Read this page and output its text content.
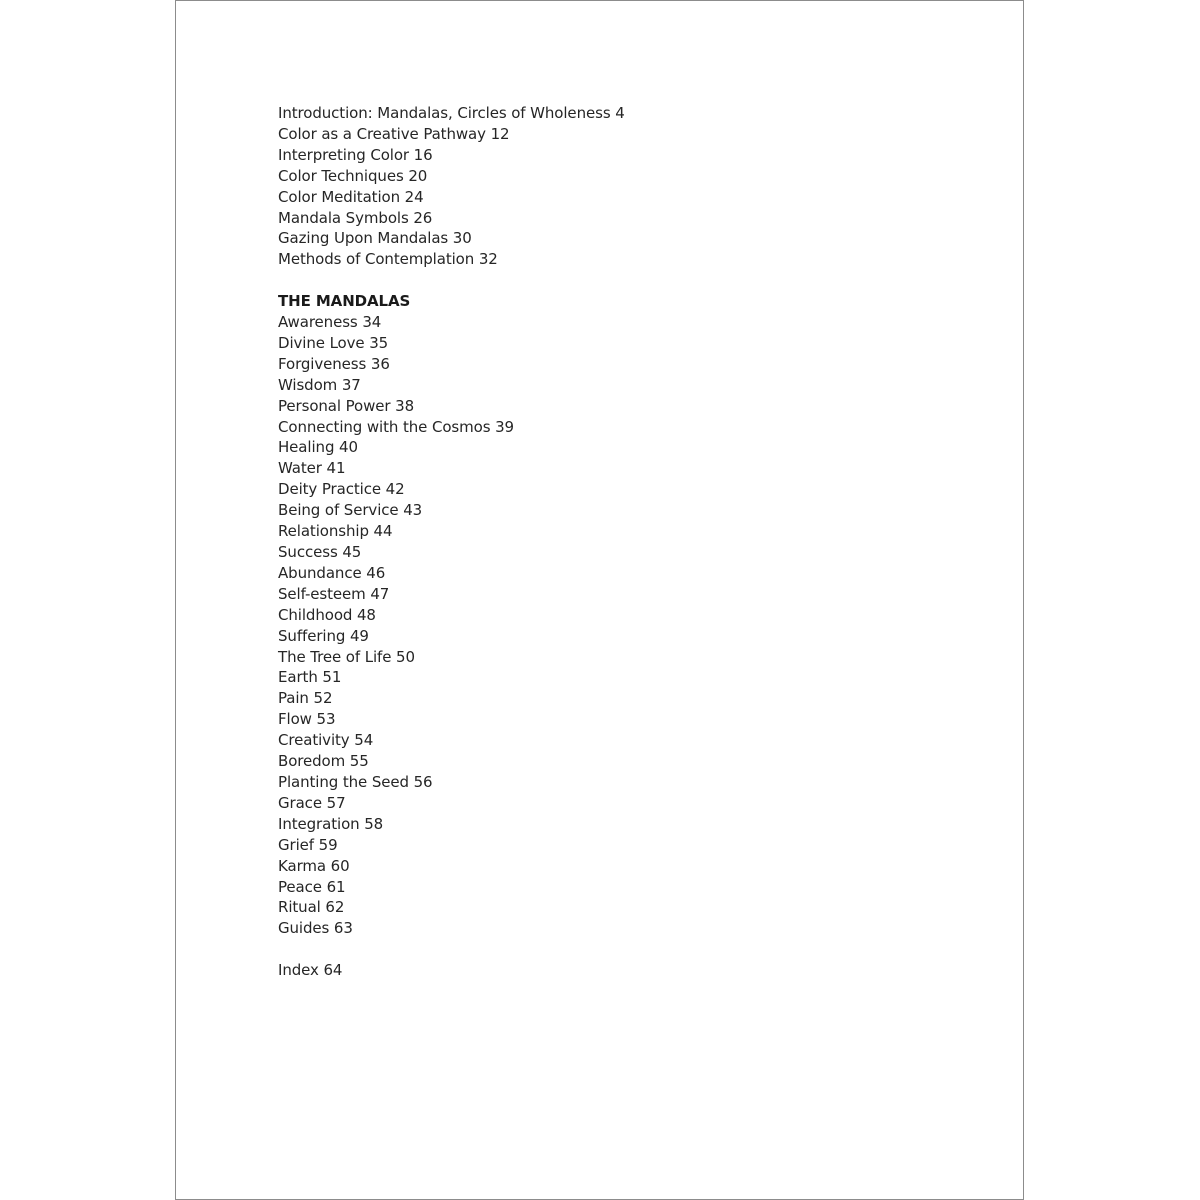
Introduction: Mandalas, Circles of Wholeness 4
Color as a Creative Pathway 12
Interpreting Color 16
Color Techniques 20
Color Meditation 24
Mandala Symbols 26
Gazing Upon Mandalas 30
Methods of Contemplation 32
THE MANDALAS
Awareness 34
Divine Love 35
Forgiveness 36
Wisdom 37
Personal Power 38
Connecting with the Cosmos 39
Healing 40
Water 41
Deity Practice 42
Being of Service 43
Relationship 44
Success 45
Abundance 46
Self-esteem 47
Childhood 48
Suffering 49
The Tree of Life 50
Earth 51
Pain 52
Flow 53
Creativity 54
Boredom 55
Planting the Seed 56
Grace 57
Integration 58
Grief 59
Karma 60
Peace 61
Ritual 62
Guides 63
Index 64
